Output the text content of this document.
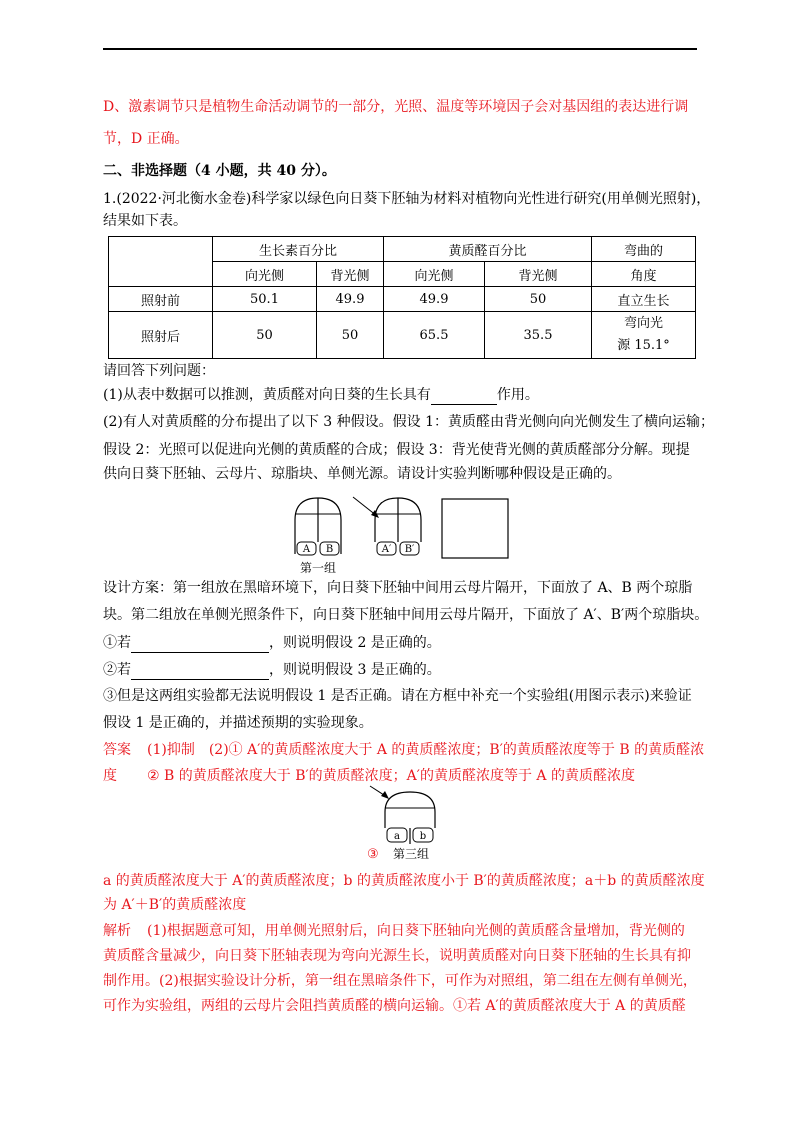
D、激素调节只是植物生命活动调节的一部分，光照、温度等环境因子会对基因组的表达进行调
节，D 正确。
二、非选择题（4 小题，共 40 分）。
1.(2022·河北衡水金卷)科学家以绿色向日葵下胚轴为材料对植物向光性进行研究(用单侧光照射)，
结果如下表。
	生长素百分比		黄质醛百分比		弯曲的
	向光侧	背光侧	向光侧	背光侧	角度
照射前	50.1	49.9	49.9	50	直立生长
照射后	50	50	65.5	35.5	弯向光
源 15.1°
请回答下列问题：
(1)从表中数据可以推测，黄质醛对向日葵的生长具有	作用。
(2)有人对黄质醛的分布提出了以下 3 种假设。假设 1：黄质醛由背光侧向向光侧发生了横向运输；
假设 2：光照可以促进向光侧的黄质醛的合成；假设 3：背光使背光侧的黄质醛部分分解。现提
供向日葵下胚轴、云母片、琼脂块、单侧光源。请设计实验判断哪种假设是正确的。
A B	A′ B′
第一组
设计方案：第一组放在黑暗环境下，向日葵下胚轴中间用云母片隔开，下面放了 A、B 两个琼脂
块。第二组放在单侧光照条件下，向日葵下胚轴中间用云母片隔开，下面放了 A′、B′两个琼脂块。
①若	，则说明假设 2 是正确的。
②若	，则说明假设 3 是正确的。
③但是这两组实验都无法说明假设 1 是否正确。请在方框中补充一个实验组(用图示表示)来验证
假设 1 是正确的，并描述预期的实验现象。
答案 (1)抑制　(2)① A′的黄质醛浓度大于 A 的黄质醛浓度；B′的黄质醛浓度等于 B 的黄质醛浓
度 ② B 的黄质醛浓度大于 B′的黄质醛浓度；A′的黄质醛浓度等于 A 的黄质醛浓度
a b
③ 第三组
a 的黄质醛浓度大于 A′的黄质醛浓度；b 的黄质醛浓度小于 B′的黄质醛浓度；a＋b 的黄质醛浓度
为 A′＋B′的黄质醛浓度
解析 (1)根据题意可知，用单侧光照射后，向日葵下胚轴向光侧的黄质醛含量增加，背光侧的
黄质醛含量减少，向日葵下胚轴表现为弯向光源生长，说明黄质醛对向日葵下胚轴的生长具有抑
制作用。(2)根据实验设计分析，第一组在黑暗条件下，可作为对照组，第二组在左侧有单侧光，
可作为实验组，两组的云母片会阻挡黄质醛的横向运输。①若 A′的黄质醛浓度大于 A 的黄质醛
